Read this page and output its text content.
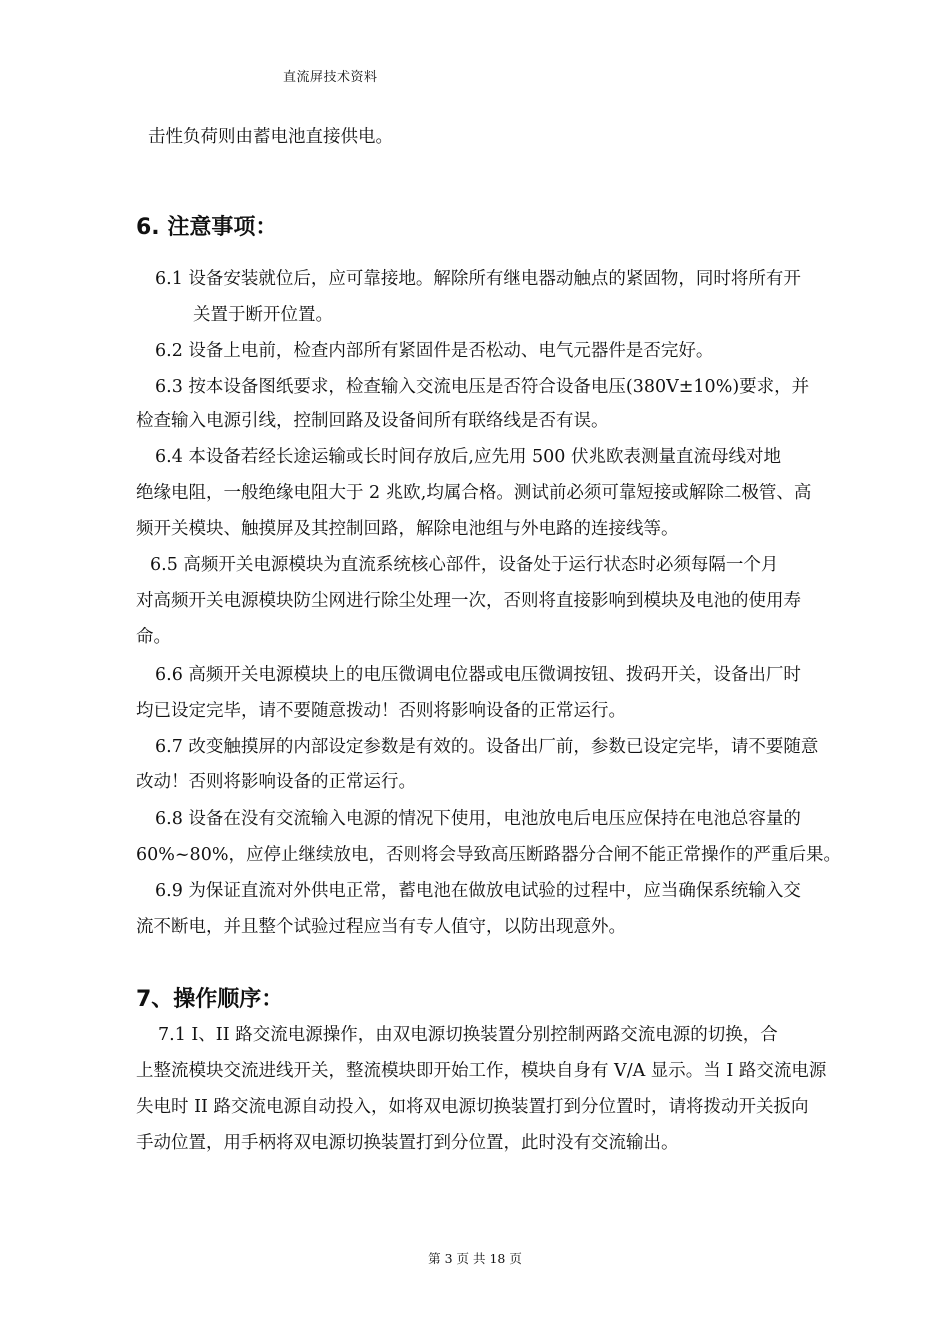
直流屏技术资料
击性负荷则由蓄电池直接供电。
6. 注意事项：
6.1 设备安装就位后，应可靠接地。解除所有继电器动触点的紧固物，同时将所有开
关置于断开位置。
6.2 设备上电前，检查内部所有紧固件是否松动、电气元器件是否完好。
6.3 按本设备图纸要求，检查输入交流电压是否符合设备电压(380V±10%)要求，并
检查输入电源引线，控制回路及设备间所有联络线是否有误。
6.4 本设备若经长途运输或长时间存放后,应先用 500 伏兆欧表测量直流母线对地
绝缘电阻，一般绝缘电阻大于 2 兆欧,均属合格。测试前必须可靠短接或解除二极管、高
频开关模块、触摸屏及其控制回路，解除电池组与外电路的连接线等。
6.5 高频开关电源模块为直流系统核心部件，设备处于运行状态时必须每隔一个月
对高频开关电源模块防尘网进行除尘处理一次，否则将直接影响到模块及电池的使用寿
命。
6.6 高频开关电源模块上的电压微调电位器或电压微调按钮、拨码开关，设备出厂时
均已设定完毕，请不要随意拨动！否则将影响设备的正常运行。
6.7 改变触摸屏的内部设定参数是有效的。设备出厂前，参数已设定完毕，请不要随意
改动！否则将影响设备的正常运行。
6.8 设备在没有交流输入电源的情况下使用，电池放电后电压应保持在电池总容量的
60%~80%，应停止继续放电，否则将会导致高压断路器分合闸不能正常操作的严重后果。
6.9 为保证直流对外供电正常，蓄电池在做放电试验的过程中，应当确保系统输入交
流不断电，并且整个试验过程应当有专人值守，以防出现意外。
7、操作顺序：
7.1 I、II 路交流电源操作，由双电源切换装置分别控制两路交流电源的切换，合
上整流模块交流进线开关，整流模块即开始工作，模块自身有 V/A 显示。当 I 路交流电源
失电时 II 路交流电源自动投入，如将双电源切换装置打到分位置时，请将拨动开关扳向
手动位置，用手柄将双电源切换装置打到分位置，此时没有交流输出。
第 3 页 共 18 页
